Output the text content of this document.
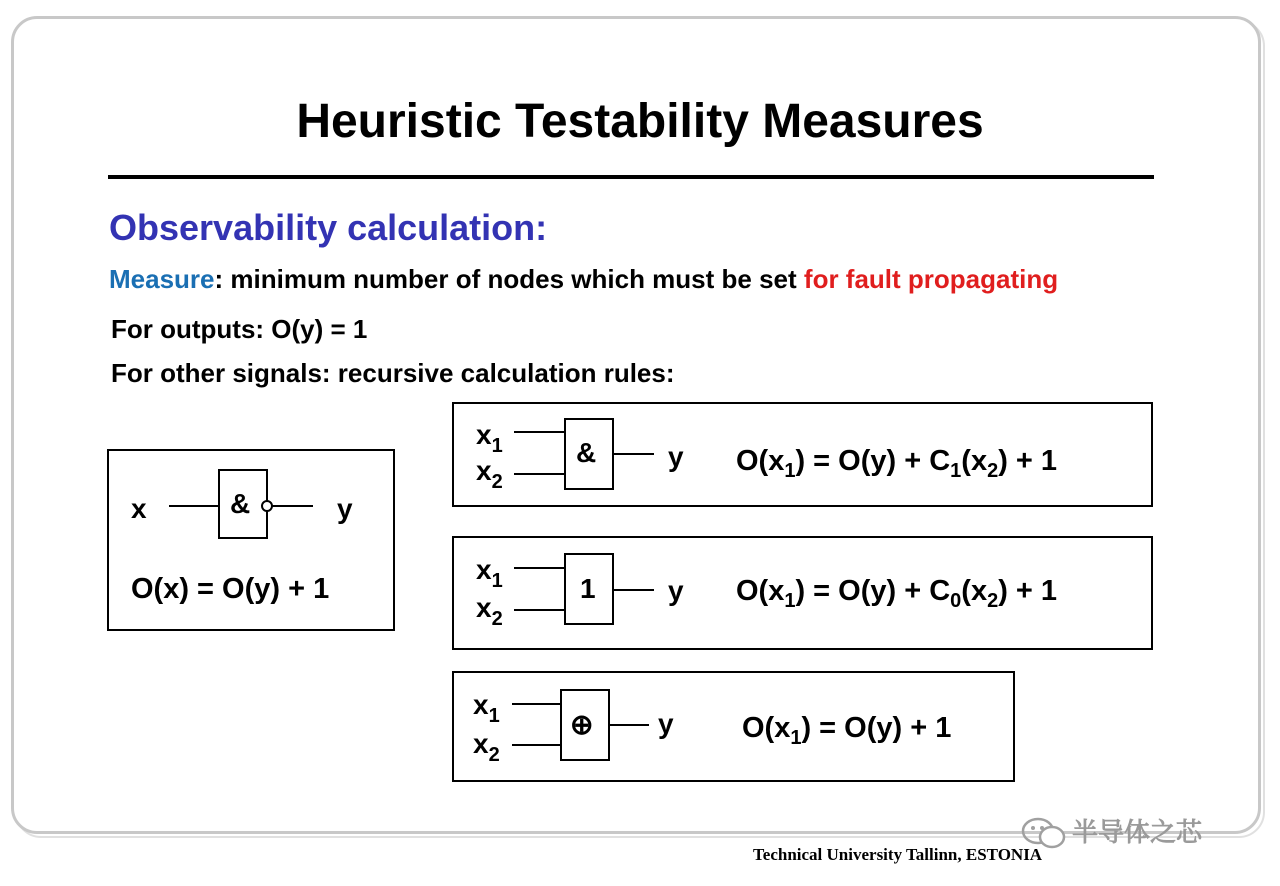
Heuristic Testability Measures
Observability calculation:
Measure: minimum number of nodes which must be set for fault propagating
For outputs: O(y) = 1
For other signals: recursive calculation rules:
x	&	y
O(x) = O(y) + 1
$x_1$
$x_2$
&	y $O(x_1) = O(y) + C_1(x_2) + 1$
$x_1$
$x_2$
1	y $O(x_1) = O(y) + C_0(x_2) + 1$
$x_1$
$x_2$
⊕ y $O(x_1) = O(y) + 1$
半导体之芯
Technical University Tallinn, ESTONIA
